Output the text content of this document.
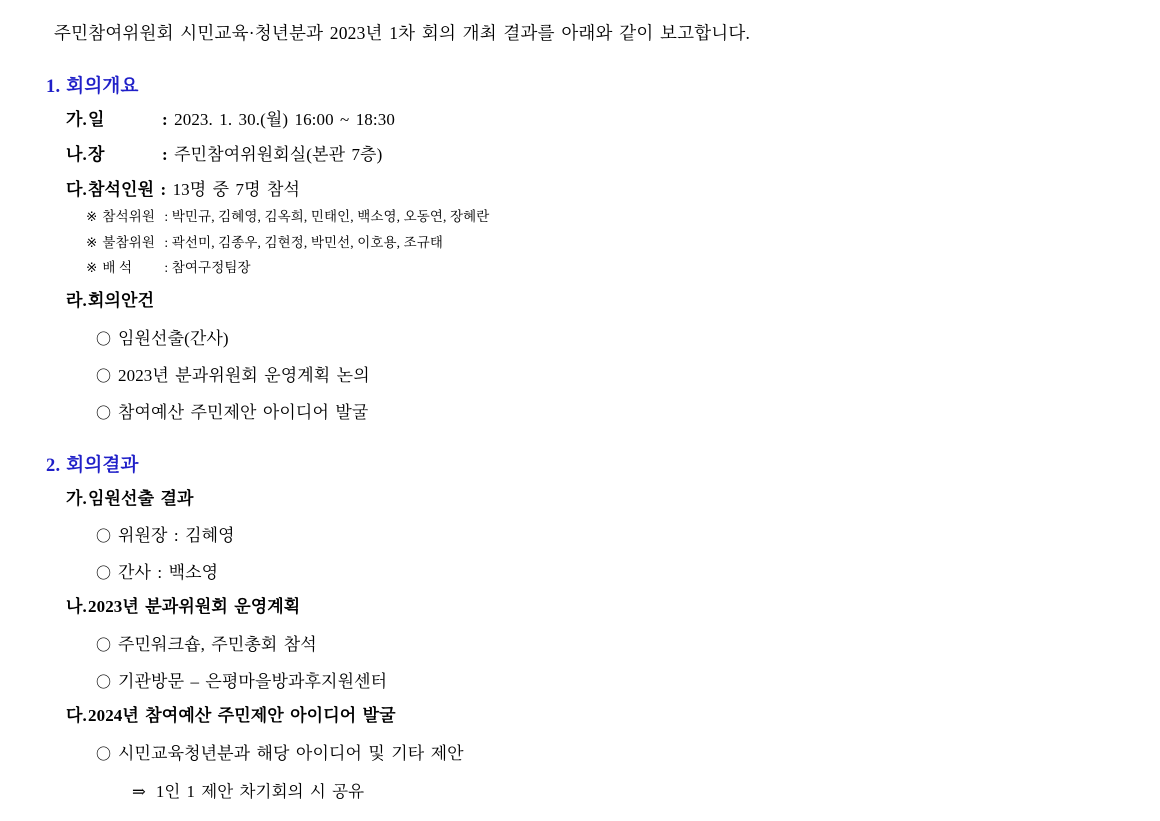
주민참여위원회 시민교육·청년분과 2023년 1차 회의 개최 결과를 아래와 같이 보고합니다.

1. 회의개요
가.일	: 2023. 1. 30.(월) 16:00 ~ 18:30
나.장	: 주민참여위원회실(본관 7층)
다.참석인원 : 13명 중 7명 참석
※ 참석위원 : 박민규, 김혜영, 김옥희, 민태인, 백소영, 오동연, 장혜란
※ 불참위원 : 곽선미, 김종우, 김현정, 박민선, 이호용, 조규태
※ 배 석 : 참여구정팀장
라.회의안건
〇 임원선출(간사)
〇 2023년 분과위원회 운영계획 논의
〇 참여예산 주민제안 아이디어 발굴
2. 회의결과
가.임원선출 결과
〇 위원장 : 김혜영
〇 간사 : 백소영
나.2023년 분과위원회 운영계획
〇 주민워크숍, 주민총회 참석
〇 기관방문 – 은평마을방과후지원센터
다.2024년 참여예산 주민제안 아이디어 발굴
〇 시민교육청년분과 해당 아이디어 및 기타 제안
⇒ 1인 1 제안 차기회의 시 공유
